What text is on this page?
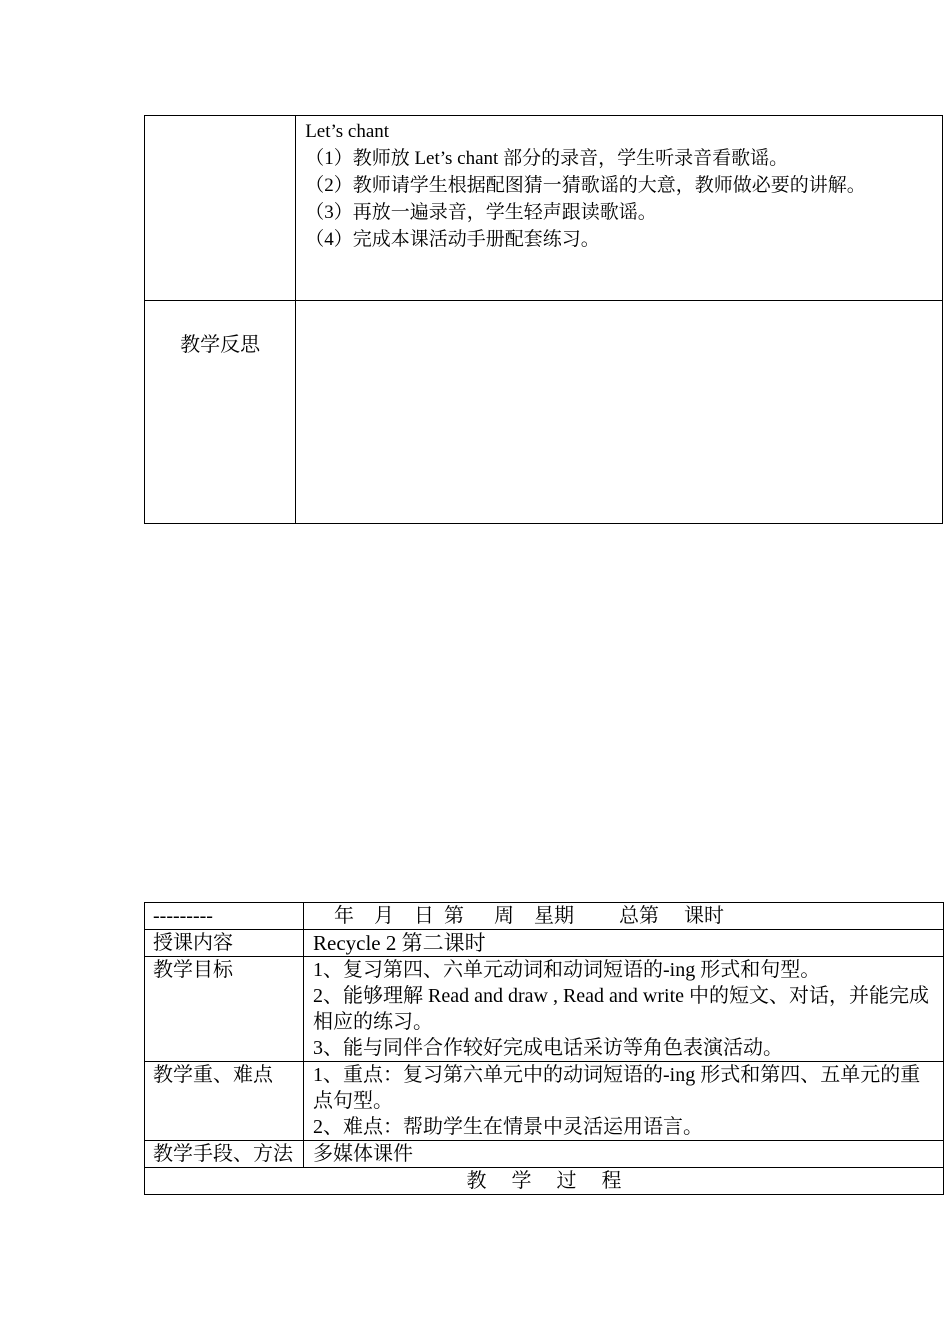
	Let’s chant

（1）教师放 Let’s chant 部分的录音，学生听录音看歌谣。

（2）教师请学生根据配图猜一猜歌谣的大意，教师做必要的讲解。

（3）再放一遍录音，学生轻声跟读歌谣。

（4）完成本课活动手册配套练习。

教学反思	
---------	年    月    日  第      周    星期         总第     课时
授课内容	Recycle 2 第二课时
教学目标	1、复习第四、六单元动词和动词短语的-ing 形式和句型。

2、能够理解 Read and draw , Read and write 中的短文、对话，并能完成相应的练习。

3、能与同伴合作较好完成电话采访等角色表演活动。

教学重、难点	1、重点：复习第六单元中的动词短语的-ing 形式和第四、五单元的重点句型。

2、难点：帮助学生在情景中灵活运用语言。

教学手段、方法	多媒体课件
教     学     过     程	
